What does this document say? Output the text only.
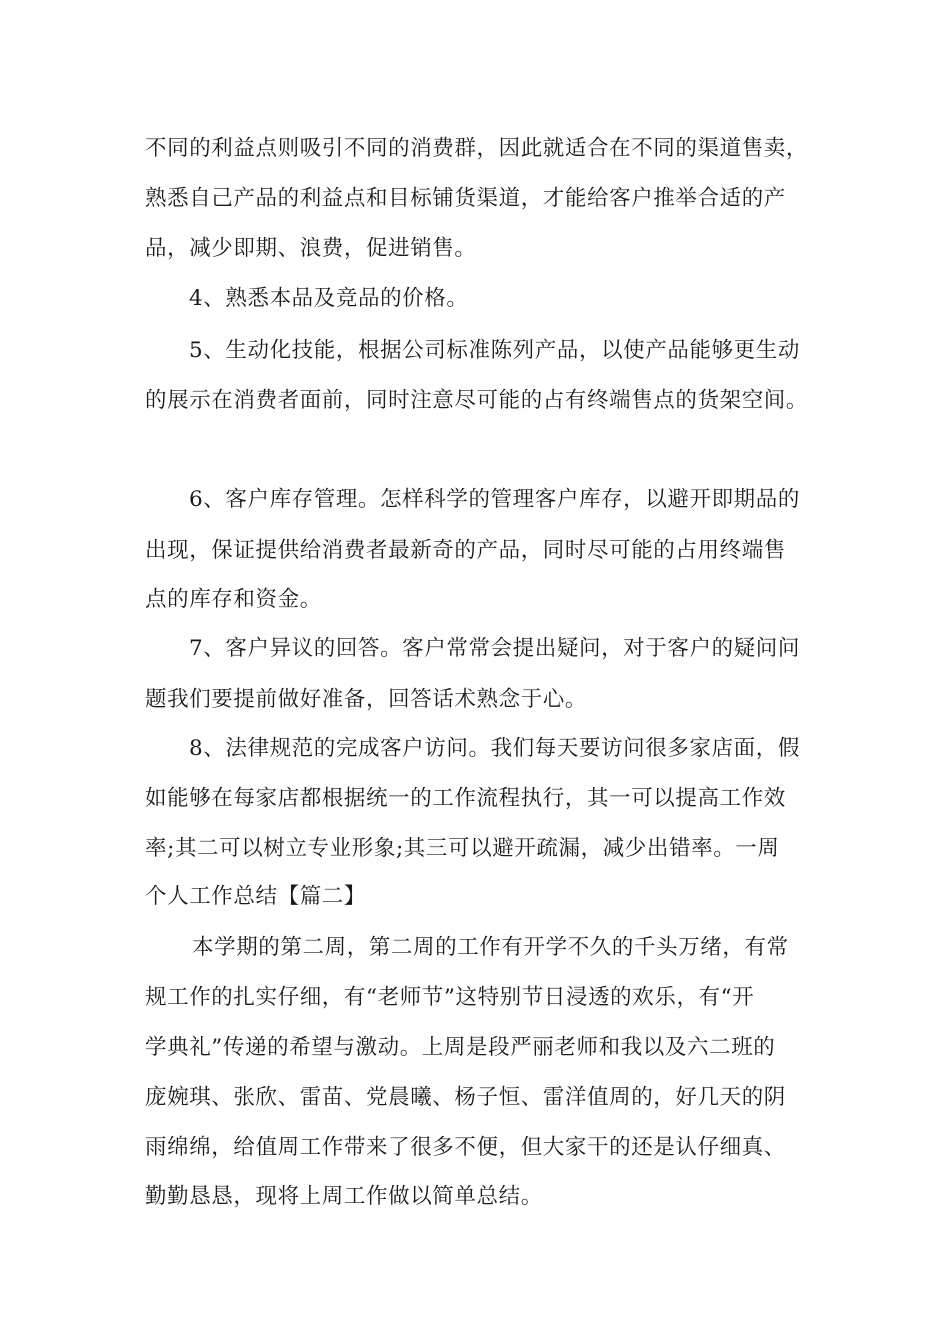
不同的利益点则吸引不同的消费群，因此就适合在不同的渠道售卖，
熟悉自己产品的利益点和目标铺货渠道，才能给客户推举合适的产
品，减少即期、浪费，促进销售。
4、熟悉本品及竞品的价格。
5、生动化技能，根据公司标准陈列产品，以使产品能够更生动
的展示在消费者面前，同时注意尽可能的占有终端售点的货架空间。
6、客户库存管理。怎样科学的管理客户库存，以避开即期品的
出现，保证提供给消费者最新奇的产品，同时尽可能的占用终端售
点的库存和资金。
7、客户异议的回答。客户常常会提出疑问，对于客户的疑问问
题我们要提前做好准备，回答话术熟念于心。
8、法律规范的完成客户访问。我们每天要访问很多家店面，假
如能够在每家店都根据统一的工作流程执行，其一可以提高工作效
率;其二可以树立专业形象;其三可以避开疏漏，减少出错率。一周
个人工作总结【篇二】
本学期的第二周，第二周的工作有开学不久的千头万绪，有常
规工作的扎实仔细，有“老师节”这特别节日浸透的欢乐，有“开
学典礼”传递的希望与激动。上周是段严丽老师和我以及六二班的
庞婉琪、张欣、雷苗、党晨曦、杨子恒、雷洋值周的，好几天的阴
雨绵绵，给值周工作带来了很多不便，但大家干的还是认仔细真、
勤勤恳恳，现将上周工作做以简单总结。
